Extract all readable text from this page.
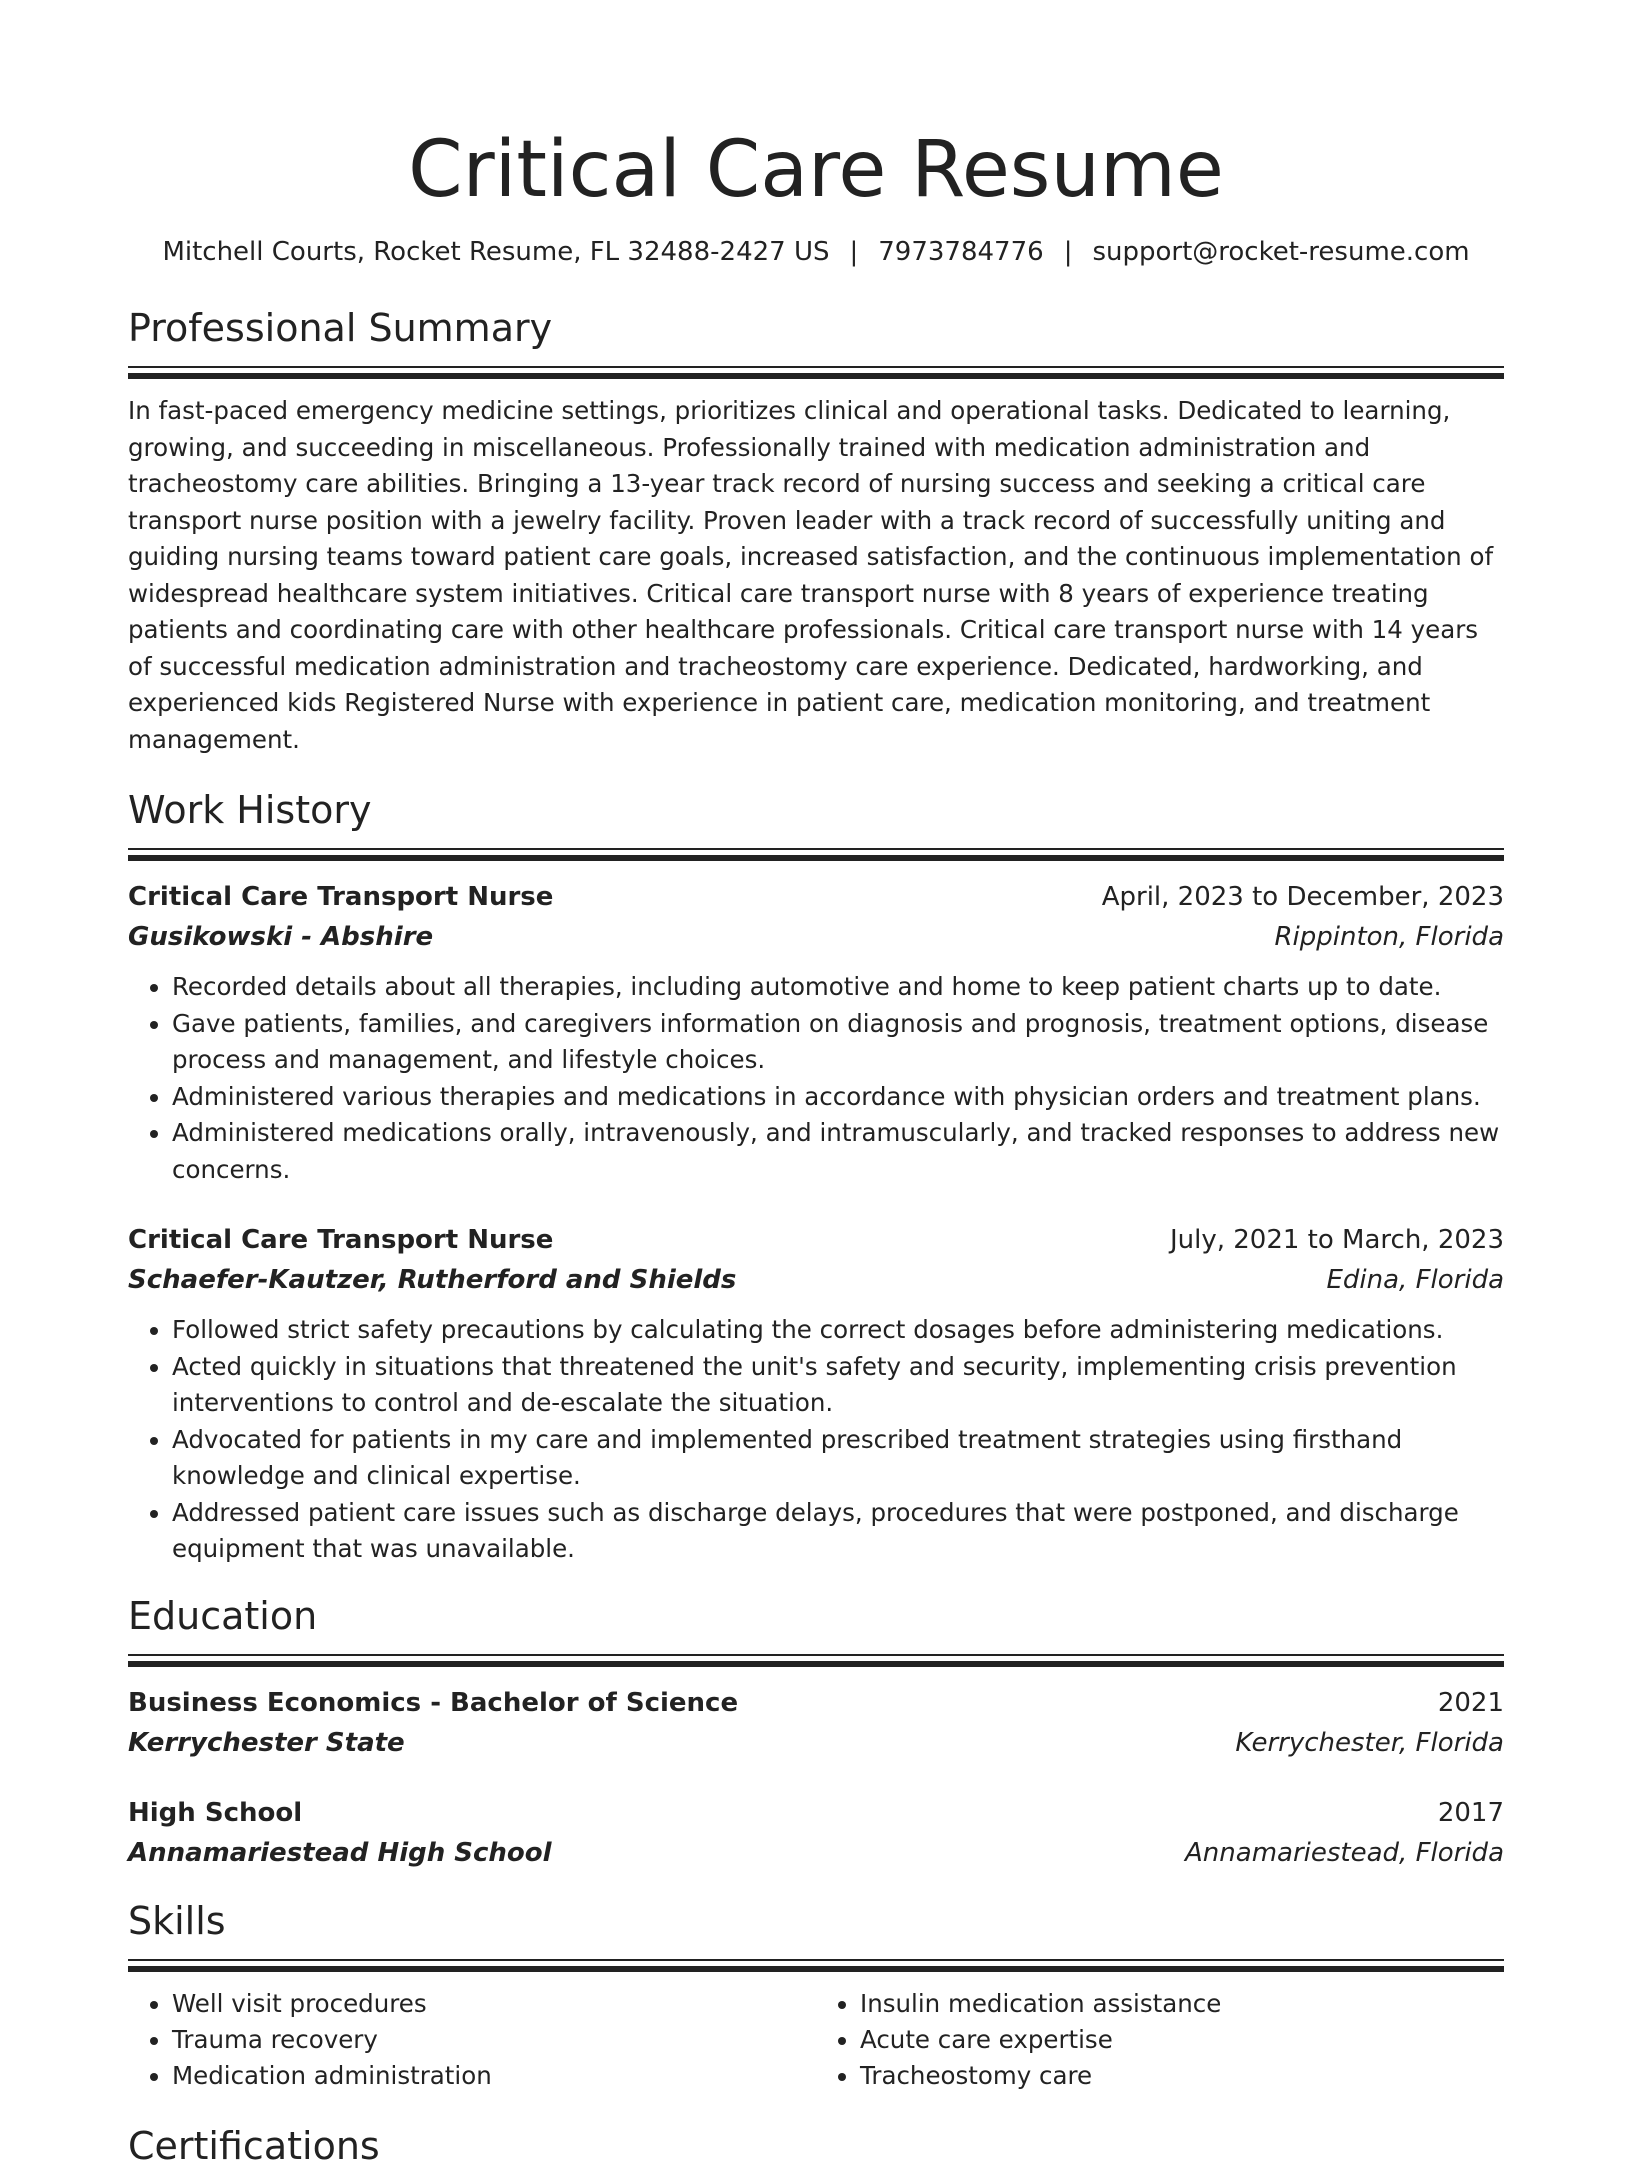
Critical Care Resume
Mitchell Courts, Rocket Resume, FL 32488-2427 US | 7973784776 | support@rocket-resume.com
Professional Summary

In fast-paced emergency medicine settings, prioritizes clinical and operational tasks. Dedicated to learning, growing, and succeeding in miscellaneous. Professionally trained with medication administration and tracheostomy care abilities. Bringing a 13-year track record of nursing success and seeking a critical care transport nurse position with a jewelry facility. Proven leader with a track record of successfully uniting and guiding nursing teams toward patient care goals, increased satisfaction, and the continuous implementation of widespread healthcare system initiatives. Critical care transport nurse with 8 years of experience treating patients and coordinating care with other healthcare professionals. Critical care transport nurse with 14 years of successful medication administration and tracheostomy care experience. Dedicated, hardworking, and experienced kids Registered Nurse with experience in patient care, medication monitoring, and treatment management.

Work History
Critical Care Transport Nurse	April, 2023 to December, 2023
Gusikowski - Abshire	Rippinton, Florida
• Recorded details about all therapies, including automotive and home to keep patient charts up to date.
• Gave patients, families, and caregivers information on diagnosis and prognosis, treatment options, disease process and management, and lifestyle choices.
• Administered various therapies and medications in accordance with physician orders and treatment plans.
• Administered medications orally, intravenously, and intramuscularly, and tracked responses to address new concerns.
Critical Care Transport Nurse	July, 2021 to March, 2023
Schaefer-Kautzer, Rutherford and Shields	Edina, Florida
• Followed strict safety precautions by calculating the correct dosages before administering medications.
• Acted quickly in situations that threatened the unit's safety and security, implementing crisis prevention interventions to control and de-escalate the situation.
• Advocated for patients in my care and implemented prescribed treatment strategies using firsthand knowledge and clinical expertise.
• Addressed patient care issues such as discharge delays, procedures that were postponed, and discharge equipment that was unavailable.
Education
Business Economics - Bachelor of Science	2021
Kerrychester State	Kerrychester, Florida
High School	2017
Annamariestead High School	Annamariestead, Florida
Skills
• Well visit procedures
• Trauma recovery
• Medication administration
• Insulin medication assistance
• Acute care expertise
• Tracheostomy care
Certifications
